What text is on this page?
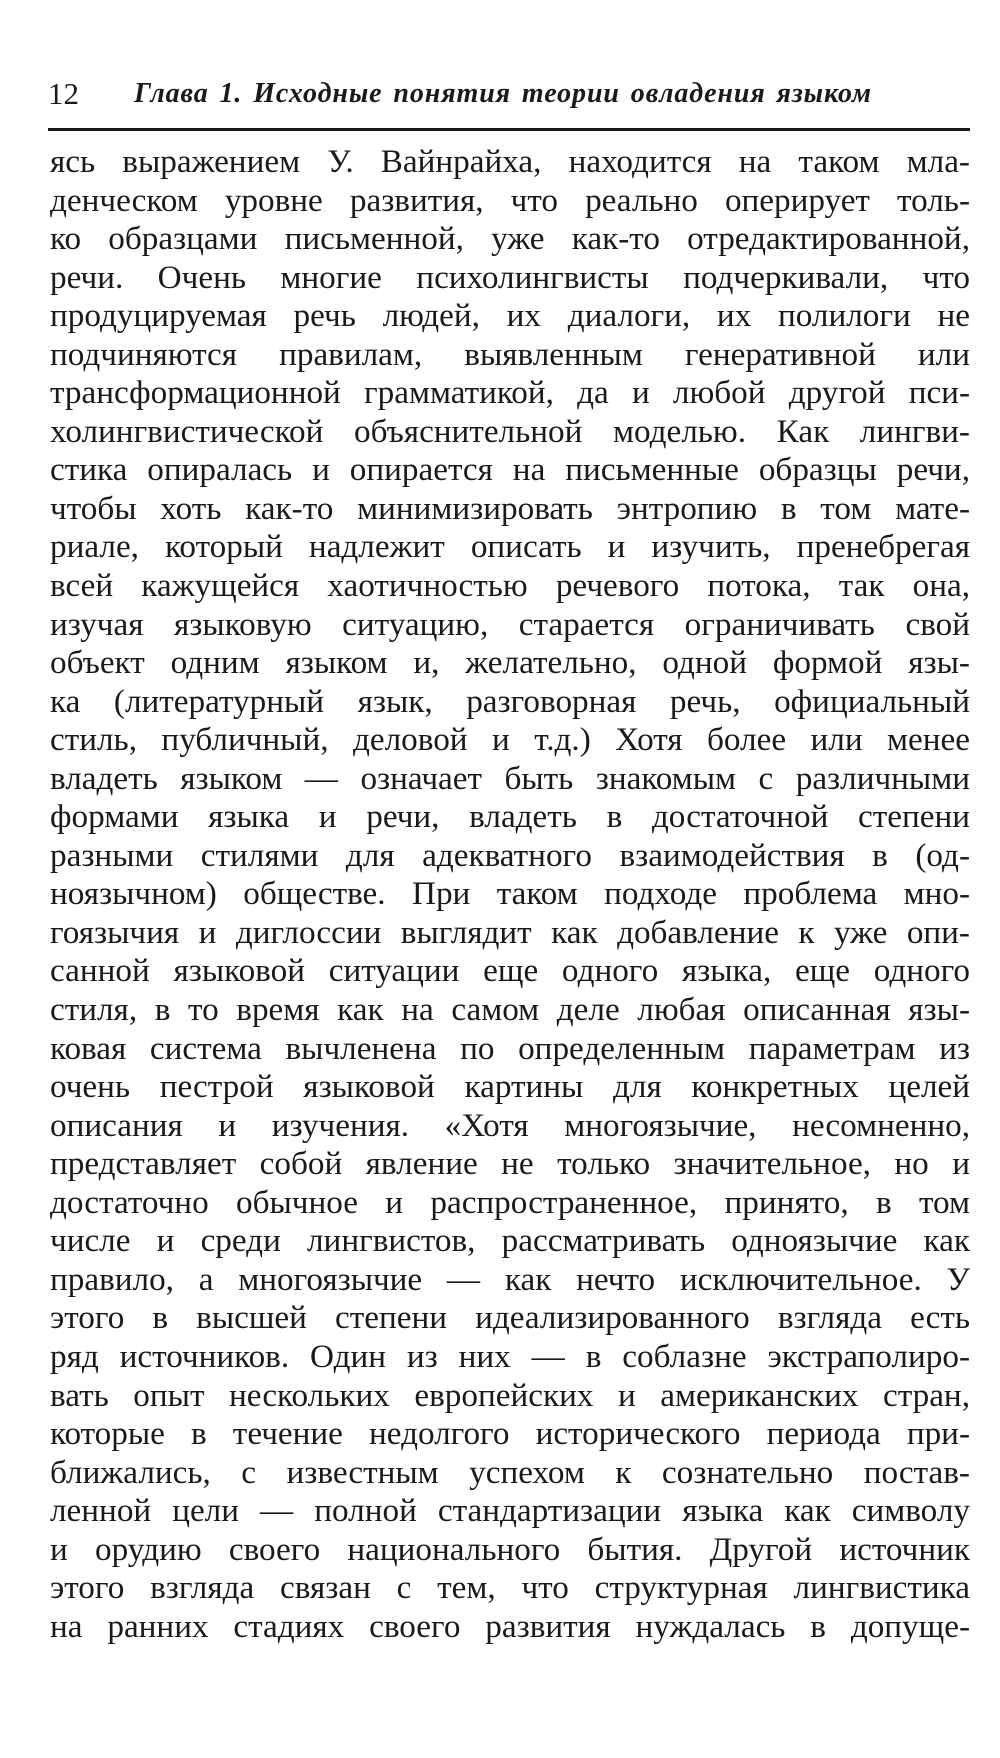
12 Глава 1. Исходные понятия теории овладения языком
ясь выражением У. Вайнрайха, находится на таком мла-
денческом уровне развития, что реально оперирует толь-
ко образцами письменной, уже как-то отредактированной,
речи. Очень многие психолингвисты подчеркивали, что
продуцируемая речь людей, их диалоги, их полилоги не
подчиняются правилам, выявленным генеративной или
трансформационной грамматикой, да и любой другой пси-
холингвистической объяснительной моделью. Как лингви-
стика опиралась и опирается на письменные образцы речи,
чтобы хоть как-то минимизировать энтропию в том мате-
риале, который надлежит описать и изучить, пренебрегая
всей кажущейся хаотичностью речевого потока, так она,
изучая языковую ситуацию, старается ограничивать свой
объект одним языком и, желательно, одной формой язы-
ка (литературный язык, разговорная речь, официальный
стиль, публичный, деловой и т.д.) Хотя более или менее
владеть языком — означает быть знакомым с различными
формами языка и речи, владеть в достаточной степени
разными стилями для адекватного взаимодействия в (од-
ноязычном) обществе. При таком подходе проблема мно-
гоязычия и диглоссии выглядит как добавление к уже опи-
санной языковой ситуации еще одного языка, еще одного
стиля, в то время как на самом деле любая описанная язы-
ковая система вычленена по определенным параметрам из
очень пестрой языковой картины для конкретных целей
описания и изучения. «Хотя многоязычие, несомненно,
представляет собой явление не только значительное, но и
достаточно обычное и распространенное, принято, в том
числе и среди лингвистов, рассматривать одноязычие как
правило, а многоязычие — как нечто исключительное. У
этого в высшей степени идеализированного взгляда есть
ряд источников. Один из них — в соблазне экстраполиро-
вать опыт нескольких европейских и американских стран,
которые в течение недолгого исторического периода при-
ближались, с известным успехом к сознательно постав-
ленной цели — полной стандартизации языка как символу
и орудию своего национального бытия. Другой источник
этого взгляда связан с тем, что структурная лингвистика
на ранних стадиях своего развития нуждалась в допуще-
